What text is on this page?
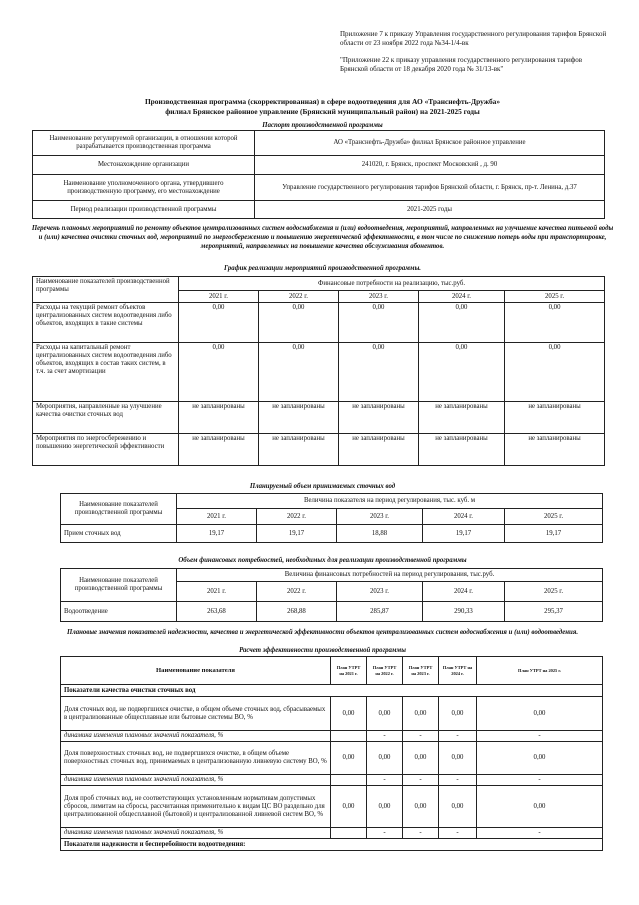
Приложение 7 к приказу Управления государственного регулирования тарифов Брянской области от 23 ноября 2022 года №34-1/4-вк
"Приложение 22 к приказу управления государственного регулирования тарифов Брянской области от 18 декабря 2020 года № 31/13-вк"
Производственная программа (скорректированная) в сфере водоотведения для АО «Транснефть-Дружба»
филиал Брянское районное управление (Брянский муниципальный район) на 2021-2025 годы
Паспорт производственной программы
Наименование регулируемой организации, в отношении которой разрабатывается производственная программа	АО «Транснефть-Дружба» филиал Брянское районное управление
Местонахождение организации	241020, г. Брянск, проспект Московский , д. 90
Наименование уполномоченного органа, утвердившего производственную программу, его местонахождение	Управление государственного регулирования тарифов Брянской области, г. Брянск, пр-т. Ленина, д.37
Период реализации производственной программы	2021-2025 годы
Перечень плановых мероприятий по ремонту объектов централизованных систем водоснабжения и (или) водоотведения, мероприятий, направленных на улучшение качества питьевой воды и (или) качества очистки сточных вод, мероприятий по энергосбережению и повышению энергетической эффективности, в том числе по снижению потерь воды при транспортировке, мероприятий, направленных на повышение качества обслуживания абонентов.
График реализации мероприятий производственной программы.
Наименование показателей производственной программы	Финансовые потребности на реализацию, тыс.руб.				
	2021 г.	2022 г.	2023 г.	2024 г.	2025 г.
Расходы на текущий ремонт объектов централизованных систем водоотведения либо объектов, входящих в такие системы	0,00	0,00	0,00	0,00	0,00
Расходы на капитальный ремонт централизованных систем водоотведения либо объектов, входящих в состав таких систем, в т.ч. за счет амортизации	0,00	0,00	0,00	0,00	0,00
Мероприятия, направленные на улучшение качества очистки сточных вод	не запланированы	не запланированы	не запланированы	не запланированы	не запланированы
Мероприятия по энергосбережению и повышению энергетической эффективности	не запланированы	не запланированы	не запланированы	не запланированы	не запланированы
Планируемый объем принимаемых сточных вод
Наименование показателей производственной программы	Величина показателя на период регулирования, тыс. куб. м				
	2021 г.	2022 г.	2023 г.	2024 г.	2025 г.
Прием сточных вод	19,17	19,17	18,88	19,17	19,17
Объем финансовых потребностей, необходимых для реализации производственной программы
Наименование показателей производственной программы	Величина финансовых потребностей на период регулирования, тыс.руб.				
	2021 г.	2022 г.	2023 г.	2024 г.	2025 г.
Водоотведение	263,68	268,88	285,87	290,33	295,37
Плановые значения показателей надежности, качества и энергетической эффективности объектов централизованных систем водоснабжения и (или) водоотведения.
Расчет эффективности производственной программы
Наименование показателя	План УТРТ на 2021 г.	План УТРТ на 2022 г.	План УТРТ на 2023 г.	План УТРТ на 2024 г.	План УТРТ на 2025 г.
Показатели качества очистки сточных вод					
Доля сточных вод, не подвергшихся очистке, в общем объеме сточных вод, сбрасываемых в централизованные общесплавные или бытовые системы ВО, %	0,00	0,00	0,00	0,00	0,00
динамика изменения плановых значений показателя, %		-	-	-	-
Доля поверхностных сточных вод, не подвергшихся очистке, в общем объеме поверхностных сточных вод, принимаемых в централизованную ливневую систему ВО, %	0,00	0,00	0,00	0,00	0,00
динамика изменения плановых значений показателя, %		-	-	-	-
Доля проб сточных вод, не соответствующих установленным нормативам допустимых сбросов, лимитам на сбросы, рассчитанная применительно к видам ЦС ВО раздельно для централизованной общесплавной (бытовой) и централизованной ливневой систем ВО, %	0,00	0,00	0,00	0,00	0,00
динамика изменения плановых значений показателя, %		-	-	-	-
Показатели надежности и бесперебойности водоотведения:					
